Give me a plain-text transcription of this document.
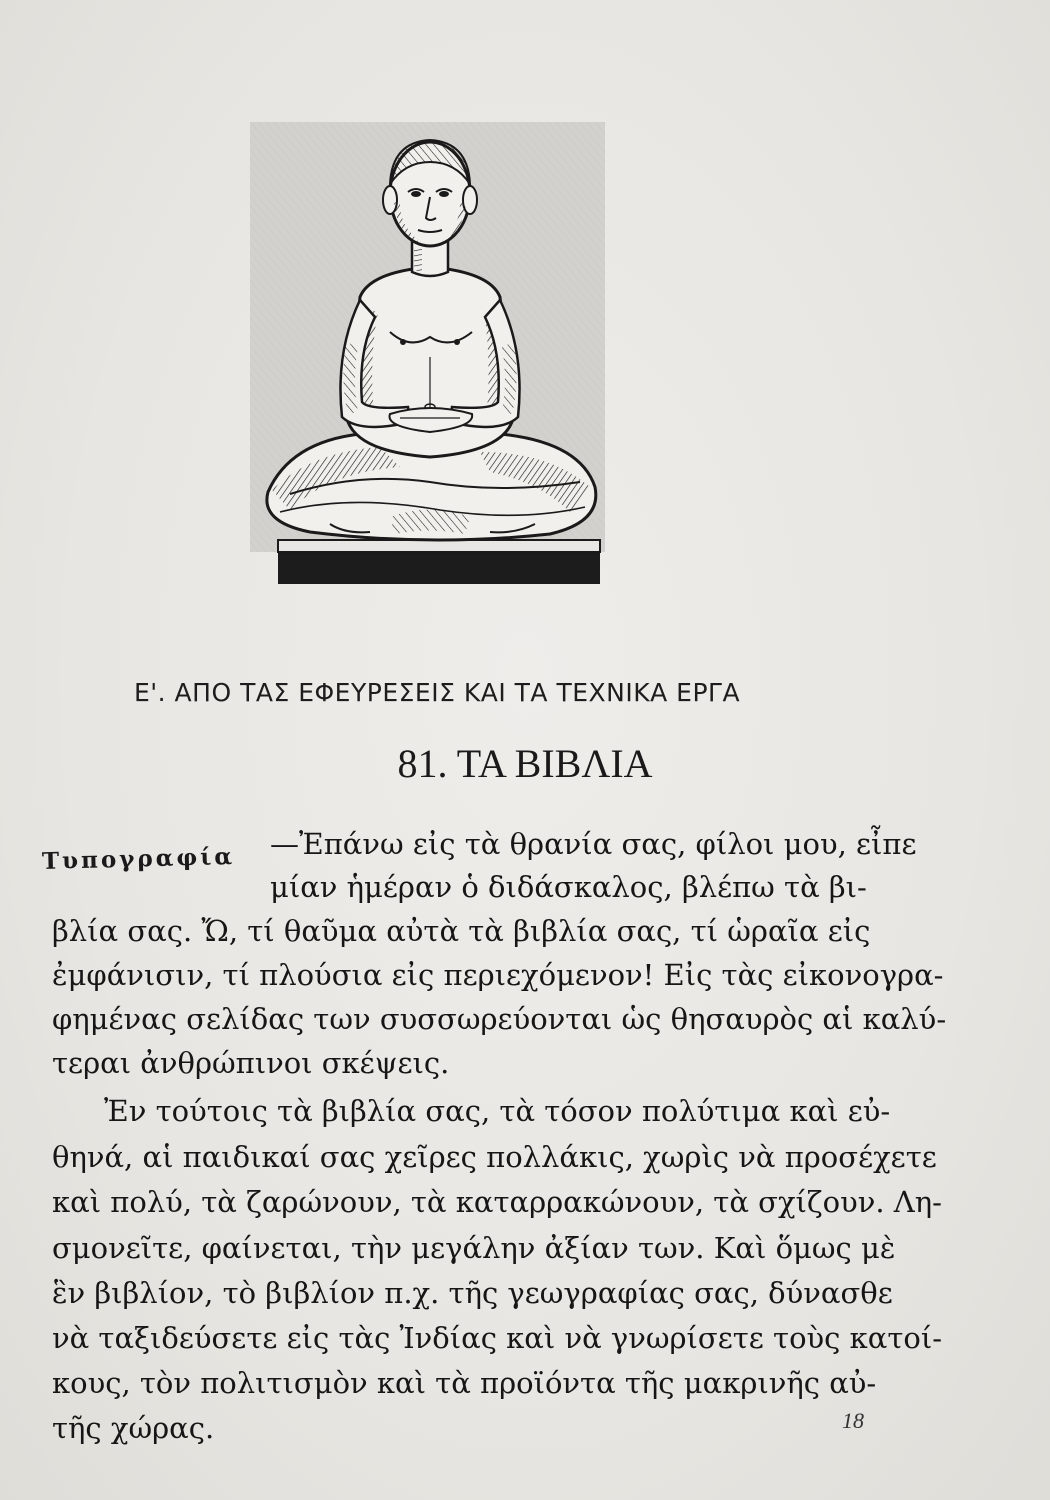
Ε'. ΑΠΟ ΤΑΣ ΕΦΕΥΡΕΣΕΙΣ ΚΑΙ ΤΑ ΤΕΧΝΙΚΑ ΕΡΓΑ
81. ΤΑ ΒΙΒΛΙΑ
Τυπογραφία —Ἐπάνω εἰς τὰ θρανία σας, φίλοι μου, εἶπε
μίαν ἡμέραν ὁ διδάσκαλος, βλέπω τὰ βι-
βλία σας. Ὤ, τί θαῦμα αὐτὰ τὰ βιβλία σας, τί ὡραῖα εἰς
ἐμφάνισιν, τί πλούσια εἰς περιεχόμενον! Εἰς τὰς εἰκονογρα-
φημένας σελίδας των συσσωρεύονται ὡς θησαυρὸς αἱ καλύ-
τεραι ἀνθρώπινοι σκέψεις.
Ἐν τούτοις τὰ βιβλία σας, τὰ τόσον πολύτιμα καὶ εὐ-
θηνά, αἱ παιδικαί σας χεῖρες πολλάκις, χωρὶς νὰ προσέχετε
καὶ πολύ, τὰ ζαρώνουν, τὰ καταρρακώνουν, τὰ σχίζουν. Λη-
σμονεῖτε, φαίνεται, τὴν μεγάλην ἀξίαν των. Καὶ ὅμως μὲ
ἓν βιβλίον, τὸ βιβλίον π.χ. τῆς γεωγραφίας σας, δύνασθε
νὰ ταξιδεύσετε εἰς τὰς Ἰνδίας καὶ νὰ γνωρίσετε τοὺς κατοί-
κους, τὸν πολιτισμὸν καὶ τὰ προϊόντα τῆς μακρινῆς αὐ-
τῆς χώρας.	18
